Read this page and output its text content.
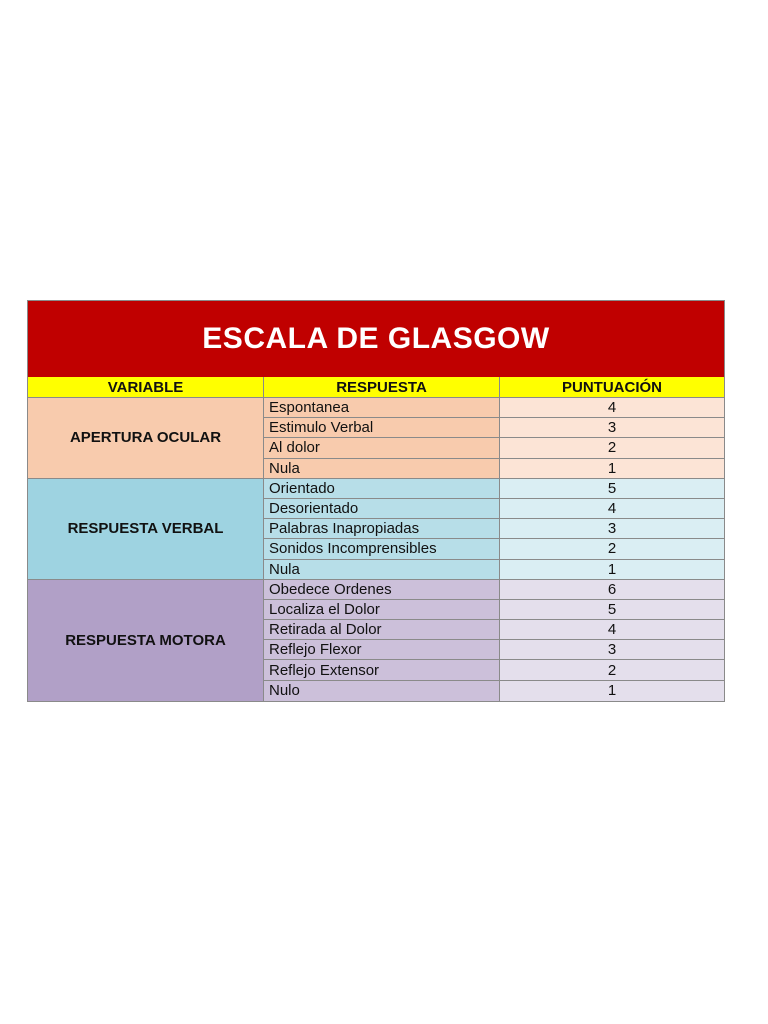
ESCALA DE GLASGOW
VARIABLE	RESPUESTA	PUNTUACIÓN
APERTURA OCULAR
Espontanea	4
Estimulo Verbal	3
Al dolor	2
Nula	1
RESPUESTA VERBAL
Orientado	5
Desorientado	4
Palabras Inapropiadas	3
Sonidos Incomprensibles	2
Nula	1
RESPUESTA MOTORA
Obedece Ordenes	6
Localiza el Dolor	5
Retirada al Dolor	4
Reflejo Flexor	3
Reflejo Extensor	2
Nulo	1
